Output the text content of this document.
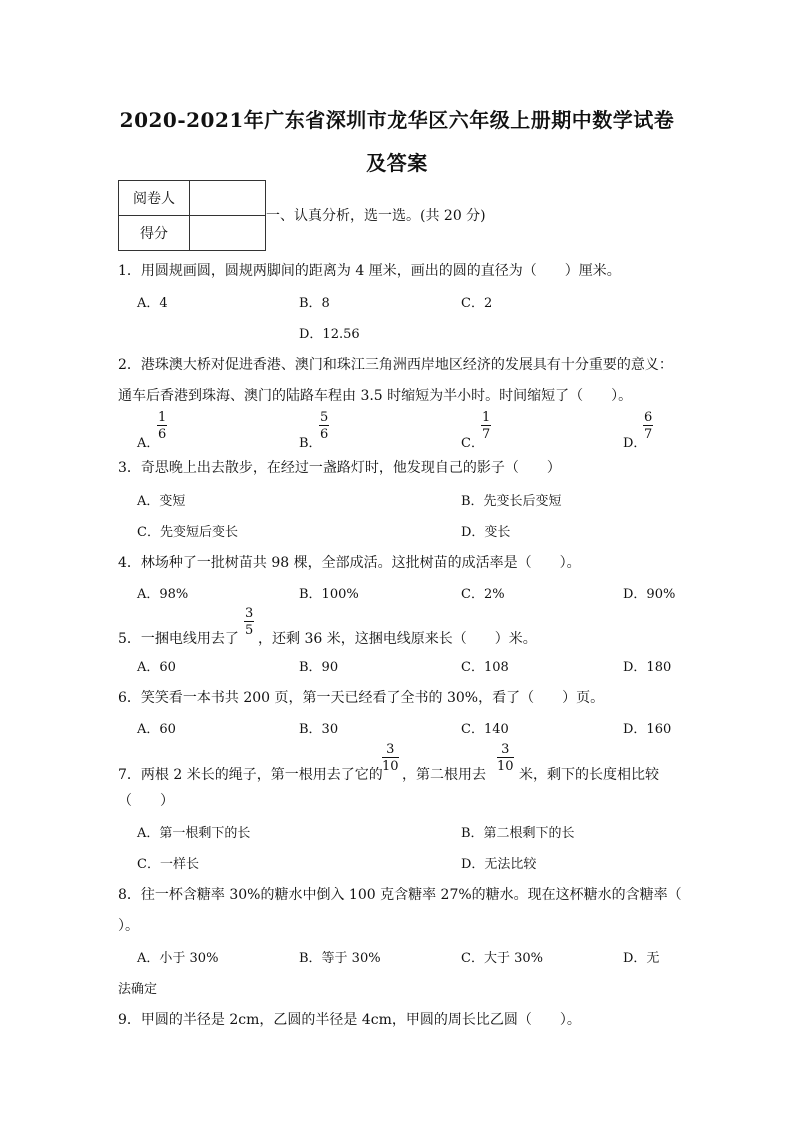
2020-2021年广东省深圳市龙华区六年级上册期中数学试卷
及答案
阅卷人	
得分	
一、认真分析，选一选。(共 20 分)
1．用圆规画圆，圆规两脚间的距离为 4 厘米，画出的圆的直径为（　　）厘米。
A．4	B．8	C．2
D．12.56
2．港珠澳大桥对促进香港、澳门和珠江三角洲西岸地区经济的发展具有十分重要的意义：
通车后香港到珠海、澳门的陆路车程由 3.5 时缩短为半小时。时间缩短了（　　）。
A．
$\frac{1}{6}$
B．
$\frac{5}{6}$
C．
$\frac{1}{7}$
D．
$\frac{6}{7}$
3．奇思晚上出去散步，在经过一盏路灯时，他发现自己的影子（　　）
A．变短	B．先变长后变短
C．先变短后变长	D．变长
4．林场种了一批树苗共 98 棵，全部成活。这批树苗的成活率是（　　）。
A．98%	B．100%	C．2%	D．90%
5．一捆电线用去了
$\frac{3}{5}$
，还剩 36 米，这捆电线原来长（　　）米。
A．60	B．90	C．108	D．180
6．笑笑看一本书共 200 页，第一天已经看了全书的 30%，看了（　　）页。
A．60	B．30	C．140	D．160
7．两根 2 米长的绳子，第一根用去了它的
$\frac{3}{10}$
，第二根用去
$\frac{3}{10}$
米，剩下的长度相比较
（　　）
A．第一根剩下的长	B．第二根剩下的长
C．一样长	D．无法比较
8．往一杯含糖率 30%的糖水中倒入 100 克含糖率 27%的糖水。现在这杯糖水的含糖率（
）。
A．小于 30%	B．等于 30%	C．大于 30%	D．无
法确定
9．甲圆的半径是 2cm，乙圆的半径是 4cm，甲圆的周长比乙圆（　　）。
